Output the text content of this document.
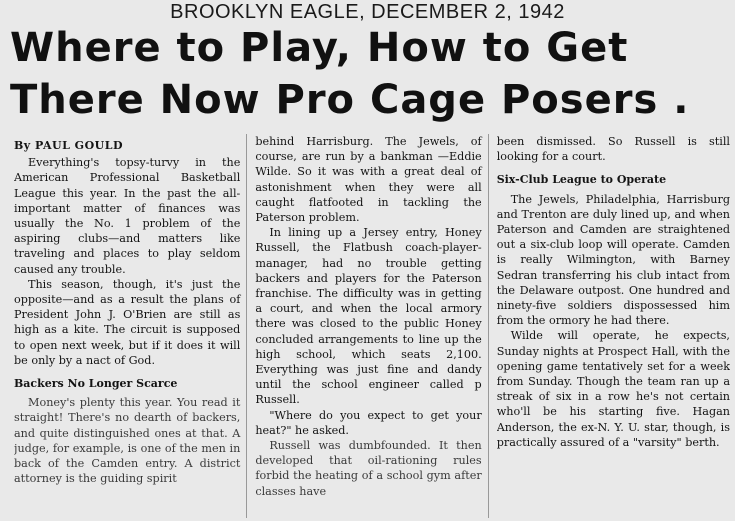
BROOKLYN EAGLE, DECEMBER 2, 1942
Where to Play, How to Get
There Now Pro Cage Posers .
By PAUL GOULD

Everything's topsy-turvy in the American Professional Basketball League this year. In the past the all-important matter of finances was usually the No. 1 problem of the aspiring clubs—and matters like traveling and places to play seldom caused any trouble.

This season, though, it's just the opposite—and as a result the plans of President John J. O'Brien are still as high as a kite. The circuit is supposed to open next week, but if it does it will be only by a nact of God.

Backers No Longer Scarce

Money's plenty this year. You read it straight! There's no dearth of backers, and quite distinguished ones at that. A judge, for example, is one of the men in back of the Camden entry. A district attorney is the guiding spirit

behind Harrisburg. The Jewels, of course, are run by a bankman —Eddie Wilde. So it was with a great deal of astonishment when they were all caught flatfooted in tackling the Paterson problem.

In lining up a Jersey entry, Honey Russell, the Flatbush coach-player-manager, had no trouble getting backers and players for the Paterson franchise. The difficulty was in getting a court, and when the local armory there was closed to the public Honey concluded arrangements to line up the high school, which seats 2,100. Everything was just fine and dandy until the school engineer called p Russell.

"Where do you expect to get your heat?" he asked.

Russell was dumbfounded. It then developed that oil-rationing rules forbid the heating of a school gym after classes have

been dismissed. So Russell is still looking for a court.

Six-Club League to Operate

The Jewels, Philadelphia, Harrisburg and Trenton are duly lined up, and when Paterson and Camden are straightened out a six-club loop will operate. Camden is really Wilmington, with Barney Sedran transferring his club intact from the Delaware outpost. One hundred and ninety-five soldiers dispossessed him from the ormory he had there.

Wilde will operate, he expects, Sunday nights at Prospect Hall, with the opening game tentatively set for a week from Sunday. Though the team ran up a streak of six in a row he's not certain who'll be his starting five. Hagan Anderson, the ex-N. Y. U. star, though, is practically assured of a "varsity" berth.
